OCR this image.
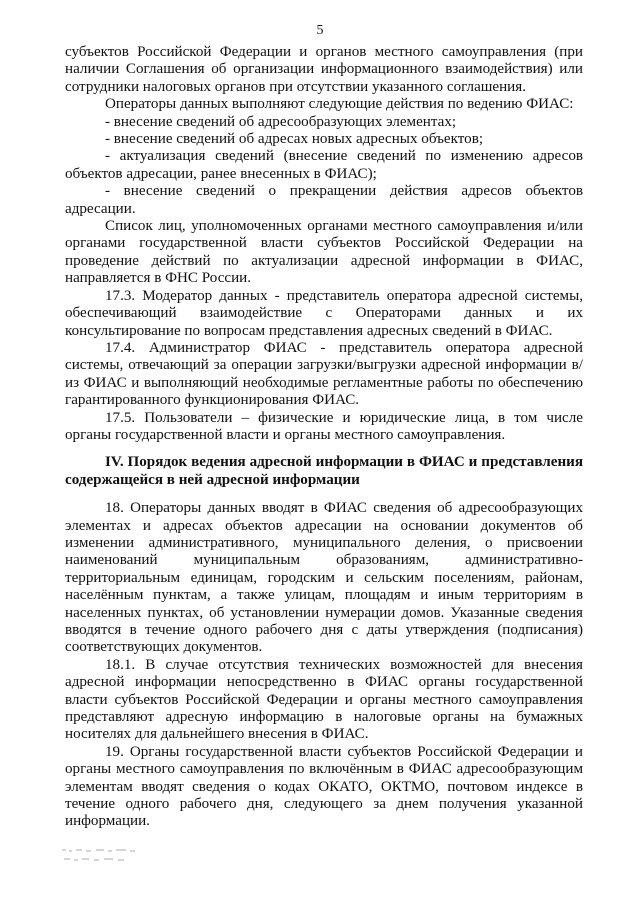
5

субъектов Российской Федерации и органов местного самоуправления (при наличии Соглашения об организации информационного взаимодействия) или сотрудники налоговых органов при отсутствии указанного соглашения.

Операторы данных выполняют следующие действия по ведению ФИАС:

- внесение сведений об адресообразующих элементах;

- внесение сведений об адресах новых адресных объектов;

- актуализация сведений (внесение сведений по изменению адресов объектов адресации, ранее внесенных в ФИАС);

- внесение сведений о прекращении действия адресов объектов адресации.

Список лиц, уполномоченных органами местного самоуправления и/или органами государственной власти субъектов Российской Федерации на проведение действий по актуализации адресной информации в ФИАС, направляется в ФНС России.

17.3. Модератор данных - представитель оператора адресной системы, обеспечивающий взаимодействие с Операторами данных и их консультирование по вопросам представления адресных сведений в ФИАС.

17.4. Администратор ФИАС - представитель оператора адресной системы, отвечающий за операции загрузки/выгрузки адресной информации в/из ФИАС и выполняющий необходимые регламентные работы по обеспечению гарантированного функционирования ФИАС.

17.5. Пользователи – физические и юридические лица, в том числе органы государственной власти и органы местного самоуправления.

IV. Порядок ведения адресной информации в ФИАС и представления содержащейся в ней адресной информации

18. Операторы данных вводят в ФИАС сведения об адресообразующих элементах и адресах объектов адресации на основании документов об изменении административного, муниципального деления, о присвоении наименований муниципальным образованиям, административно-территориальным единицам, городским и сельским поселениям, районам, населённым пунктам, а также улицам, площадям и иным территориям в населенных пунктах, об установлении нумерации домов. Указанные сведения вводятся в течение одного рабочего дня с даты утверждения (подписания) соответствующих документов.

18.1. В случае отсутствия технических возможностей для внесения адресной информации непосредственно в ФИАС органы государственной власти субъектов Российской Федерации и органы местного самоуправления представляют адресную информацию в налоговые органы на бумажных носителях для дальнейшего внесения в ФИАС.

19. Органы государственной власти субъектов Российской Федерации и органы местного самоуправления по включённым в ФИАС адресообразующим элементам вводят сведения о кодах ОКАТО, ОКТМО, почтовом индексе в течение одного рабочего дня, следующего за днем получения указанной информации.
